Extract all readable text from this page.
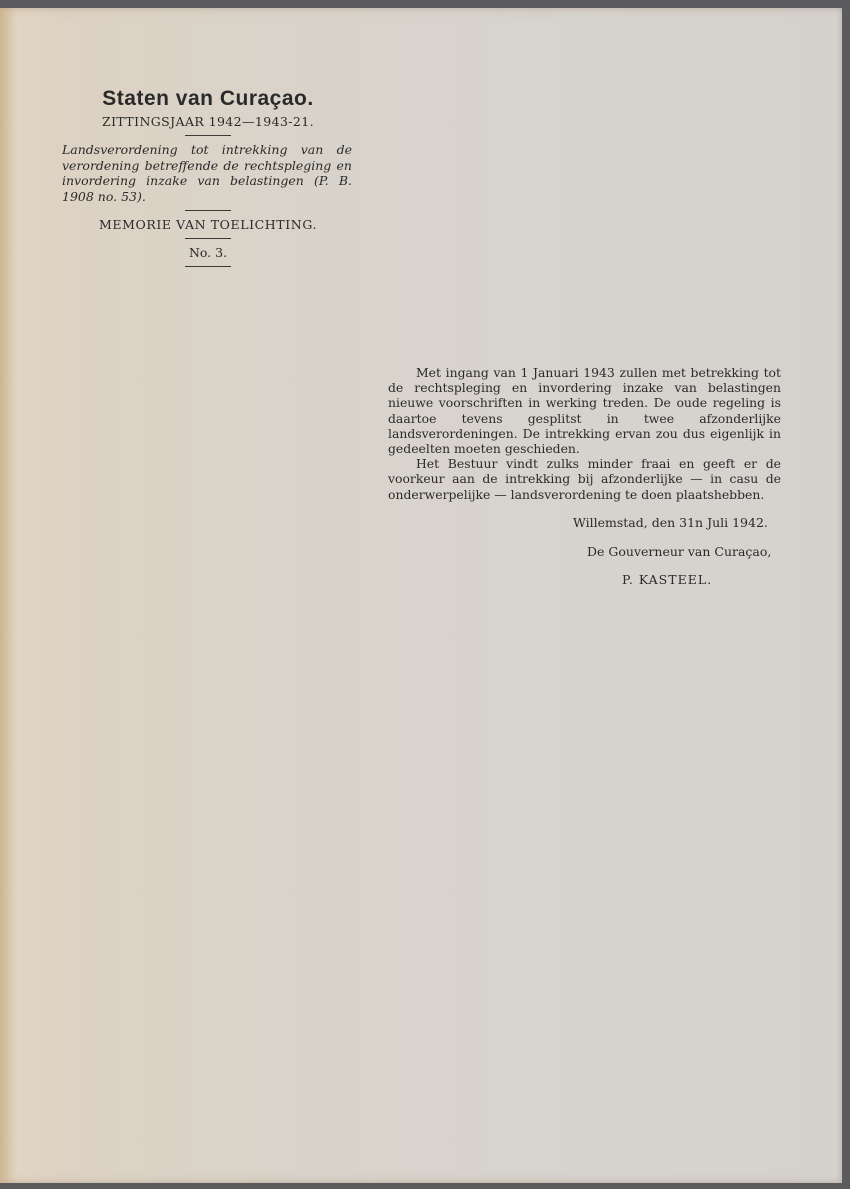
Staten van Curaçao.
ZITTINGSJAAR 1942—1943-21.

Landsverordening tot intrekking van de verordening betreffende de rechtspleging en invordering inzake van belastingen (P. B. 1908 no. 53).

MEMORIE VAN TOELICHTING.
No. 3.

Met ingang van 1 Januari 1943 zullen met betrekking tot de rechtspleging en invordering inzake van belastingen nieuwe voorschriften in werking treden. De oude regeling is daartoe tevens gesplitst in twee afzonderlijke landsverordeningen. De intrekking ervan zou dus eigenlijk in gedeelten moeten geschieden.

Het Bestuur vindt zulks minder fraai en geeft er de voorkeur aan de intrekking bij afzonderlijke — in casu de onderwerpelijke — landsverordening te doen plaatshebben.

Willemstad, den 31n Juli 1942.
De Gouverneur van Curaçao,
P. KASTEEL.
